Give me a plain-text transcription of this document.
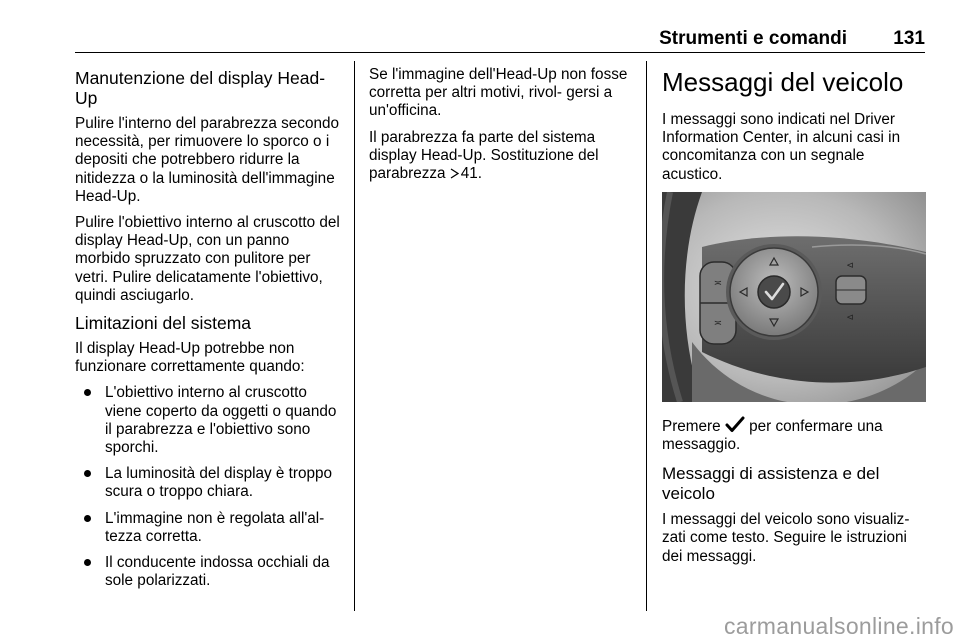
Strumenti e comandi 131
Manutenzione del display Head-Up

Pulire l'interno del parabrezza secondo necessità, per rimuovere lo sporco o i depositi che potrebbero ridurre la nitidezza o la luminosità dell'immagine Head-Up.

Pulire l'obiettivo interno al cruscotto del display Head-Up, con un panno morbido spruzzato con pulitore per vetri. Pulire delicatamente l'obiettivo, quindi asciugarlo.

Limitazioni del sistema

Il display Head-Up potrebbe non funzionare correttamente quando:

L'obiettivo interno al cruscotto viene coperto da oggetti o quando il parabrezza e l'obiettivo sono sporchi.
La luminosità del display è troppo scura o troppo chiara.
L'immagine non è regolata all'al- tezza corretta.
Il conducente indossa occhiali da sole polarizzati.

Se l'immagine dell'Head-Up non fosse corretta per altri motivi, rivol- gersi a un'officina.

Il parabrezza fa parte del sistema display Head-Up. Sostituzione del parabrezza 41.

Messaggi del veicolo

I messaggi sono indicati nel Driver Information Center, in alcuni casi in concomitanza con un segnale acustico.

≍
≍
⊲
⊲

Premere per confermare una messaggio.

Messaggi di assistenza e del veicolo

I messaggi del veicolo sono visualiz- zati come testo. Seguire le istruzioni dei messaggi.

carmanualsonline.info
